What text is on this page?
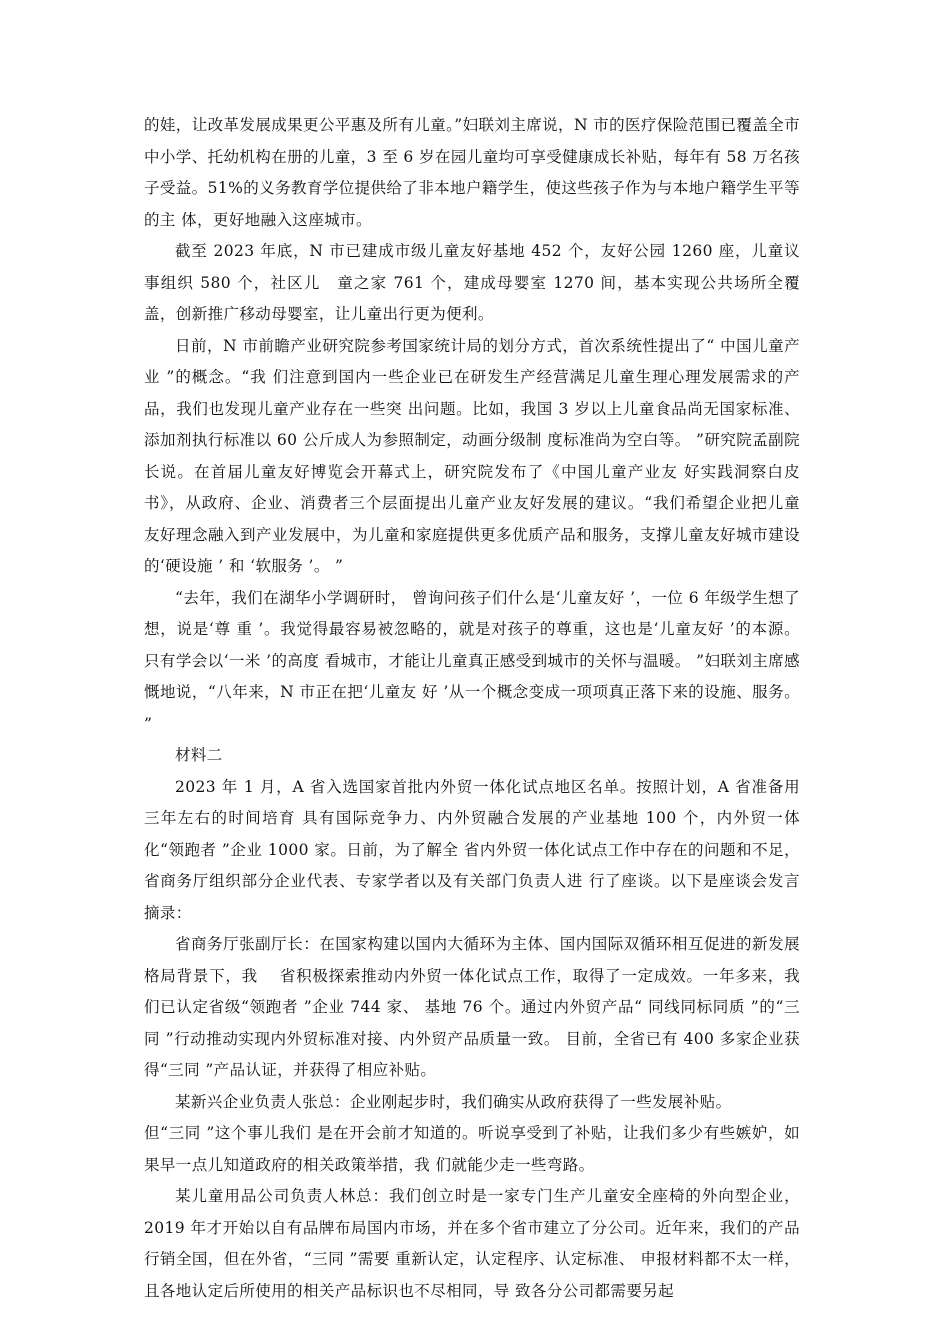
的娃，让改革发展成果更公平惠及所有儿童。”妇联刘主席说，N 市的医疗保险范围已覆盖全市中小学、托幼机构在册的儿童，3 至 6 岁在园儿童均可享受健康成长补贴，每年有 58 万名孩子受益。51%的义务教育学位提供给了非本地户籍学生，使这些孩子作为与本地户籍学生平等的主 体，更好地融入这座城市。

截至 2023 年底，N 市已建成市级儿童友好基地 452 个，友好公园 1260 座，儿童议事组织 580 个，社区儿　童之家 761 个，建成母婴室 1270 间，基本实现公共场所全覆盖，创新推广移动母婴室，让儿童出行更为便利。

日前，N 市前瞻产业研究院参考国家统计局的划分方式，首次系统性提出了“ 中国儿童产业 ”的概念。“我 们注意到国内一些企业已在研发生产经营满足儿童生理心理发展需求的产品，我们也发现儿童产业存在一些突 出问题。比如，我国 3 岁以上儿童食品尚无国家标准、添加剂执行标准以 60 公斤成人为参照制定，动画分级制 度标准尚为空白等。 ”研究院孟副院长说。在首届儿童友好博览会开幕式上，研究院发布了《中国儿童产业友 好实践洞察白皮书》，从政府、企业、消费者三个层面提出儿童产业友好发展的建议。“我们希望企业把儿童 友好理念融入到产业发展中，为儿童和家庭提供更多优质产品和服务，支撑儿童友好城市建设的‘硬设施 ’ 和 ‘软服务 ’。 ”

“去年，我们在湖华小学调研时， 曾询问孩子们什么是‘儿童友好 ’，一位 6 年级学生想了想，说是‘尊 重 ’。我觉得最容易被忽略的，就是对孩子的尊重，这也是‘儿童友好 ’的本源。只有学会以‘一米 ’的高度 看城市，才能让儿童真正感受到城市的关怀与温暖。 ”妇联刘主席感慨地说，“八年来，N 市正在把‘儿童友 好 ’从一个概念变成一项项真正落下来的设施、服务。 ”

材料二

2023 年 1 月，A 省入选国家首批内外贸一体化试点地区名单。按照计划，A 省准备用三年左右的时间培育 具有国际竞争力、内外贸融合发展的产业基地 100 个，内外贸一体化“领跑者 ”企业 1000 家。日前，为了解全 省内外贸一体化试点工作中存在的问题和不足，省商务厅组织部分企业代表、专家学者以及有关部门负责人进 行了座谈。以下是座谈会发言摘录：

省商务厅张副厅长：在国家构建以国内大循环为主体、国内国际双循环相互促进的新发展格局背景下，我　 省积极探索推动内外贸一体化试点工作，取得了一定成效。一年多来，我们已认定省级“领跑者 ”企业 744 家、 基地 76 个。通过内外贸产品“ 同线同标同质 ”的“三同 ”行动推动实现内外贸标准对接、内外贸产品质量一致。 目前，全省已有 400 多家企业获得“三同 ”产品认证，并获得了相应补贴。

某新兴企业负责人张总：企业刚起步时，我们确实从政府获得了一些发展补贴。

但“三同 ”这个事儿我们 是在开会前才知道的。听说享受到了补贴，让我们多少有些嫉妒，如果早一点儿知道政府的相关政策举措，我 们就能少走一些弯路。

某儿童用品公司负责人林总：我们创立时是一家专门生产儿童安全座椅的外向型企业，2019 年才开始以自有品牌布局国内市场，并在多个省市建立了分公司。近年来，我们的产品行销全国，但在外省，“三同 ”需要 重新认定，认定程序、认定标准、 申报材料都不太一样，且各地认定后所使用的相关产品标识也不尽相同，导 致各分公司都需要另起
